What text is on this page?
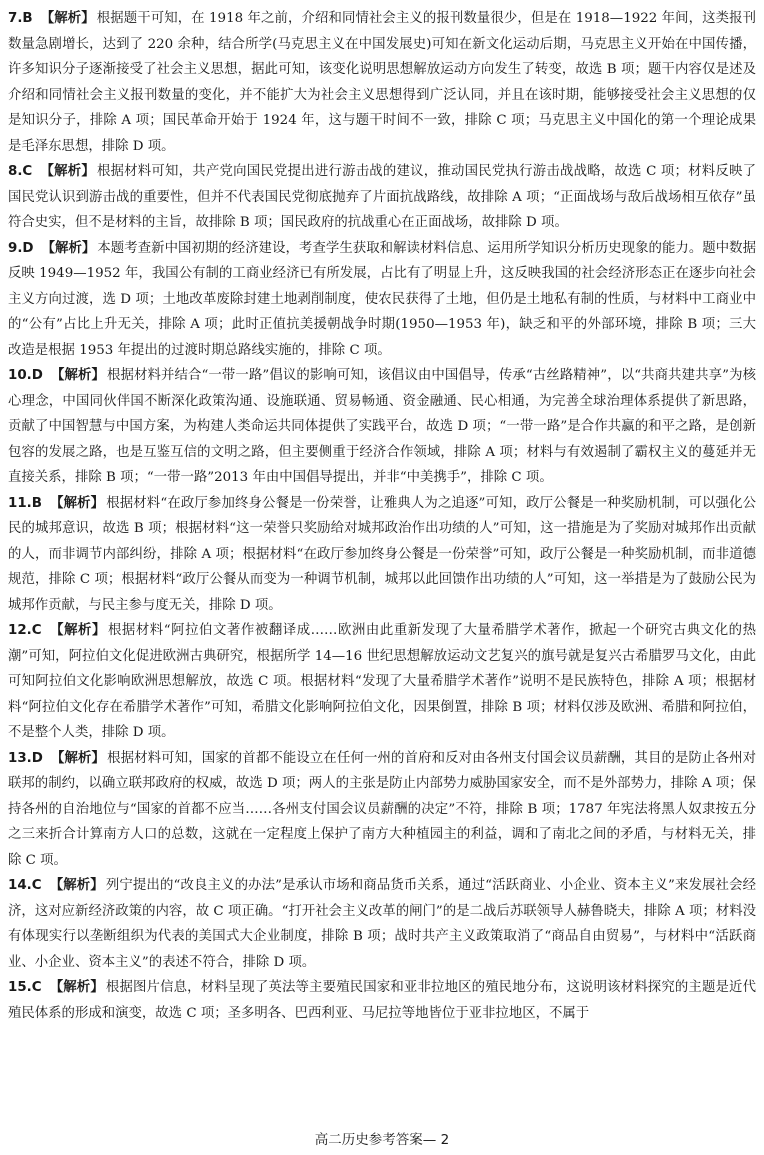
7.B 【解析】 根据题干可知，在 1918 年之前，介绍和同情社会主义的报刊数量很少，但是在 1918—1922 年间，这类报刊数量急剧增长，达到了 220 余种，结合所学(马克思主义在中国发展史)可知在新文化运动后期，马克思主义开始在中国传播，许多知识分子逐渐接受了社会主义思想，据此可知，该变化说明思想解放运动方向发生了转变，故选 B 项；题干内容仅是述及介绍和同情社会主义报刊数量的变化，并不能扩大为社会主义思想得到广泛认同，并且在该时期，能够接受社会主义思想的仅是知识分子，排除 A 项；国民革命开始于 1924 年，这与题干时间不一致，排除 C 项；马克思主义中国化的第一个理论成果是毛泽东思想，排除 D 项。

8.C 【解析】 根据材料可知，共产党向国民党提出进行游击战的建议，推动国民党执行游击战战略，故选 C 项；材料反映了国民党认识到游击战的重要性，但并不代表国民党彻底抛弃了片面抗战路线，故排除 A 项；“正面战场与敌后战场相互依存”虽符合史实，但不是材料的主旨，故排除 B 项；国民政府的抗战重心在正面战场，故排除 D 项。

9.D 【解析】 本题考查新中国初期的经济建设，考查学生获取和解读材料信息、运用所学知识分析历史现象的能力。题中数据反映 1949—1952 年，我国公有制的工商业经济已有所发展，占比有了明显上升，这反映我国的社会经济形态正在逐步向社会主义方向过渡，选 D 项；土地改革废除封建土地剥削制度，使农民获得了土地，但仍是土地私有制的性质，与材料中工商业中的“公有”占比上升无关，排除 A 项；此时正值抗美援朝战争时期(1950—1953 年)，缺乏和平的外部环境，排除 B 项；三大改造是根据 1953 年提出的过渡时期总路线实施的，排除 C 项。

10.D 【解析】 根据材料并结合“一带一路”倡议的影响可知，该倡议由中国倡导，传承“古丝路精神”，以“共商共建共享”为核心理念，中国同伙伴国不断深化政策沟通、设施联通、贸易畅通、资金融通、民心相通，为完善全球治理体系提供了新思路，贡献了中国智慧与中国方案，为构建人类命运共同体提供了实践平台，故选 D 项；“一带一路”是合作共赢的和平之路，是创新包容的发展之路，也是互鉴互信的文明之路，但主要侧重于经济合作领域，排除 A 项；材料与有效遏制了霸权主义的蔓延并无直接关系，排除 B 项；“一带一路”2013 年由中国倡导提出，并非“中美携手”，排除 C 项。

11.B 【解析】 根据材料“在政厅参加终身公餐是一份荣誉，让雅典人为之追逐”可知，政厅公餐是一种奖励机制，可以强化公民的城邦意识，故选 B 项；根据材料“这一荣誉只奖励给对城邦政治作出功绩的人”可知，这一措施是为了奖励对城邦作出贡献的人，而非调节内部纠纷，排除 A 项；根据材料“在政厅参加终身公餐是一份荣誉”可知，政厅公餐是一种奖励机制，而非道德规范，排除 C 项；根据材料“政厅公餐从而变为一种调节机制，城邦以此回馈作出功绩的人”可知，这一举措是为了鼓励公民为城邦作贡献，与民主参与度无关，排除 D 项。

12.C 【解析】 根据材料“阿拉伯文著作被翻译成……欧洲由此重新发现了大量希腊学术著作，掀起一个研究古典文化的热潮”可知，阿拉伯文化促进欧洲古典研究，根据所学 14—16 世纪思想解放运动文艺复兴的旗号就是复兴古希腊罗马文化，由此可知阿拉伯文化影响欧洲思想解放，故选 C 项。根据材料“发现了大量希腊学术著作”说明不是民族特色，排除 A 项；根据材料“阿拉伯文化存在希腊学术著作”可知，希腊文化影响阿拉伯文化，因果倒置，排除 B 项；材料仅涉及欧洲、希腊和阿拉伯，不是整个人类，排除 D 项。

13.D 【解析】 根据材料可知，国家的首都不能设立在任何一州的首府和反对由各州支付国会议员薪酬，其目的是防止各州对联邦的制约，以确立联邦政府的权威，故选 D 项；两人的主张是防止内部势力威胁国家安全，而不是外部势力，排除 A 项；保持各州的自治地位与“国家的首都不应当……各州支付国会议员薪酬的决定”不符，排除 B 项；1787 年宪法将黑人奴隶按五分之三来折合计算南方人口的总数，这就在一定程度上保护了南方大种植园主的利益，调和了南北之间的矛盾，与材料无关，排除 C 项。

14.C 【解析】 列宁提出的“改良主义的办法”是承认市场和商品货币关系，通过“活跃商业、小企业、资本主义”来发展社会经济，这对应新经济政策的内容，故 C 项正确。“打开社会主义改革的闸门”的是二战后苏联领导人赫鲁晓夫，排除 A 项；材料没有体现实行以垄断组织为代表的美国式大企业制度，排除 B 项；战时共产主义政策取消了“商品自由贸易”，与材料中“活跃商业、小企业、资本主义”的表述不符合，排除 D 项。

15.C 【解析】 根据图片信息，材料呈现了英法等主要殖民国家和亚非拉地区的殖民地分布，这说明该材料探究的主题是近代殖民体系的形成和演变，故选 C 项；圣多明各、巴西利亚、马尼拉等地皆位于亚非拉地区，不属于

高二历史参考答案— 2
